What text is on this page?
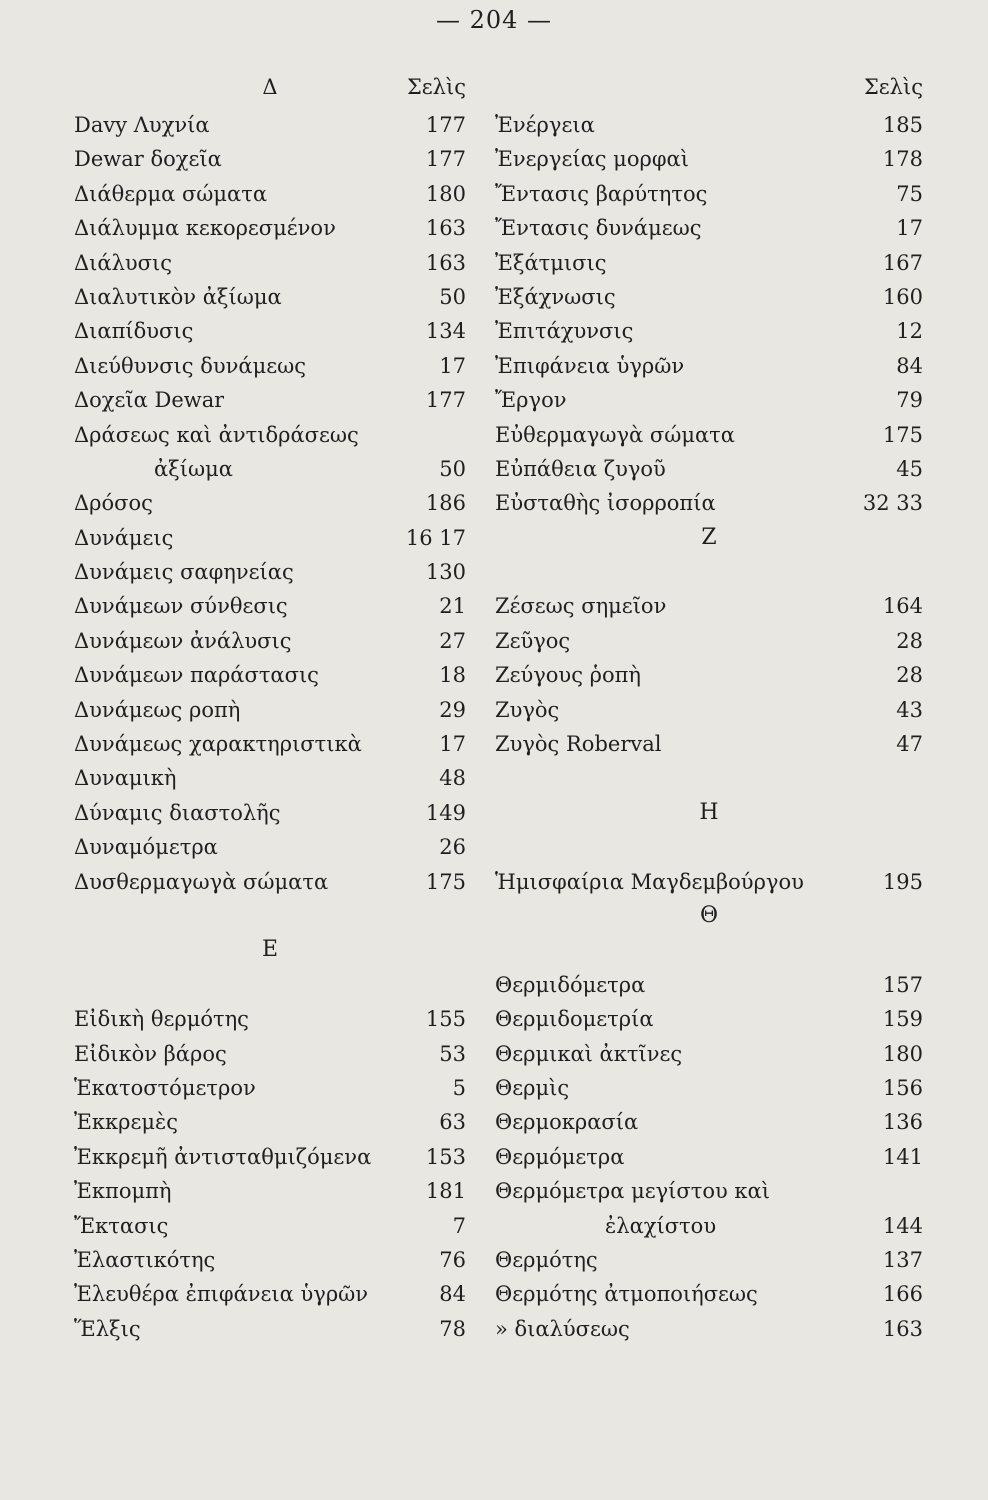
— 204 —
Δ	Σελὶς
Davy Λυχνία	177
Dewar δοχεῖα	177
Διάθερμα σώματα	180
Διάλυμμα κεκορεσμένον	163
Διάλυσις	163
Διαλυτικὸν ἀξίωμα	50
Διαπίδυσις	134
Διεύθυνσις δυνάμεως	17
Δοχεῖα Dewar	177
Δράσεως καὶ ἀντιδράσεως
ἀξίωμα	50
Δρόσος	186
Δυνάμεις	16 17
Δυνάμεις σαφηνείας	130
Δυνάμεων σύνθεσις	21
Δυνάμεων ἀνάλυσις	27
Δυνάμεων παράστασις	18
Δυνάμεως ροπὴ	29
Δυνάμεως χαρακτηριστικὰ	17
Δυναμικὴ	48
Δύναμις διαστολῆς	149
Δυναμόμετρα	26
Δυσθερμαγωγὰ σώματα	175
Ε
Εἰδικὴ θερμότης	155
Εἰδικὸν βάρος	53
Ἑκατοστόμετρον	5
Ἐκκρεμὲς	63
Ἐκκρεμῆ ἀντισταθμιζόμενα	153
Ἐκπομπὴ	181
Ἔκτασις	7
Ἐλαστικότης	76
Ἐλευθέρα ἐπιφάνεια ὑγρῶν	84
Ἕλξις	78
Σελὶς
Ἐνέργεια	185
Ἐνεργείας μορφαὶ	178
Ἔντασις βαρύτητος	75
Ἔντασις δυνάμεως	17
Ἐξάτμισις	167
Ἐξάχνωσις	160
Ἐπιτάχυνσις	12
Ἐπιφάνεια ὑγρῶν	84
Ἔργον	79
Εὐθερμαγωγὰ σώματα	175
Εὐπάθεια ζυγοῦ	45
Εὐσταθὴς ἰσορροπία	32 33
Ζ
Ζέσεως σημεῖον	164
Ζεῦγος	28
Ζεύγους ῥοπὴ	28
Ζυγὸς	43
Ζυγὸς Roberval	47
Η
Ἡμισφαίρια Μαγδεμβούργου	195
Θ
Θερμιδόμετρα	157
Θερμιδομετρία	159
Θερμικαὶ ἀκτῖνες	180
Θερμὶς	156
Θερμοκρασία	136
Θερμόμετρα	141
Θερμόμετρα μεγίστου καὶ
ἐλαχίστου	144
Θερμότης	137
Θερμότης ἀτμοποιήσεως	166
» διαλύσεως	163
